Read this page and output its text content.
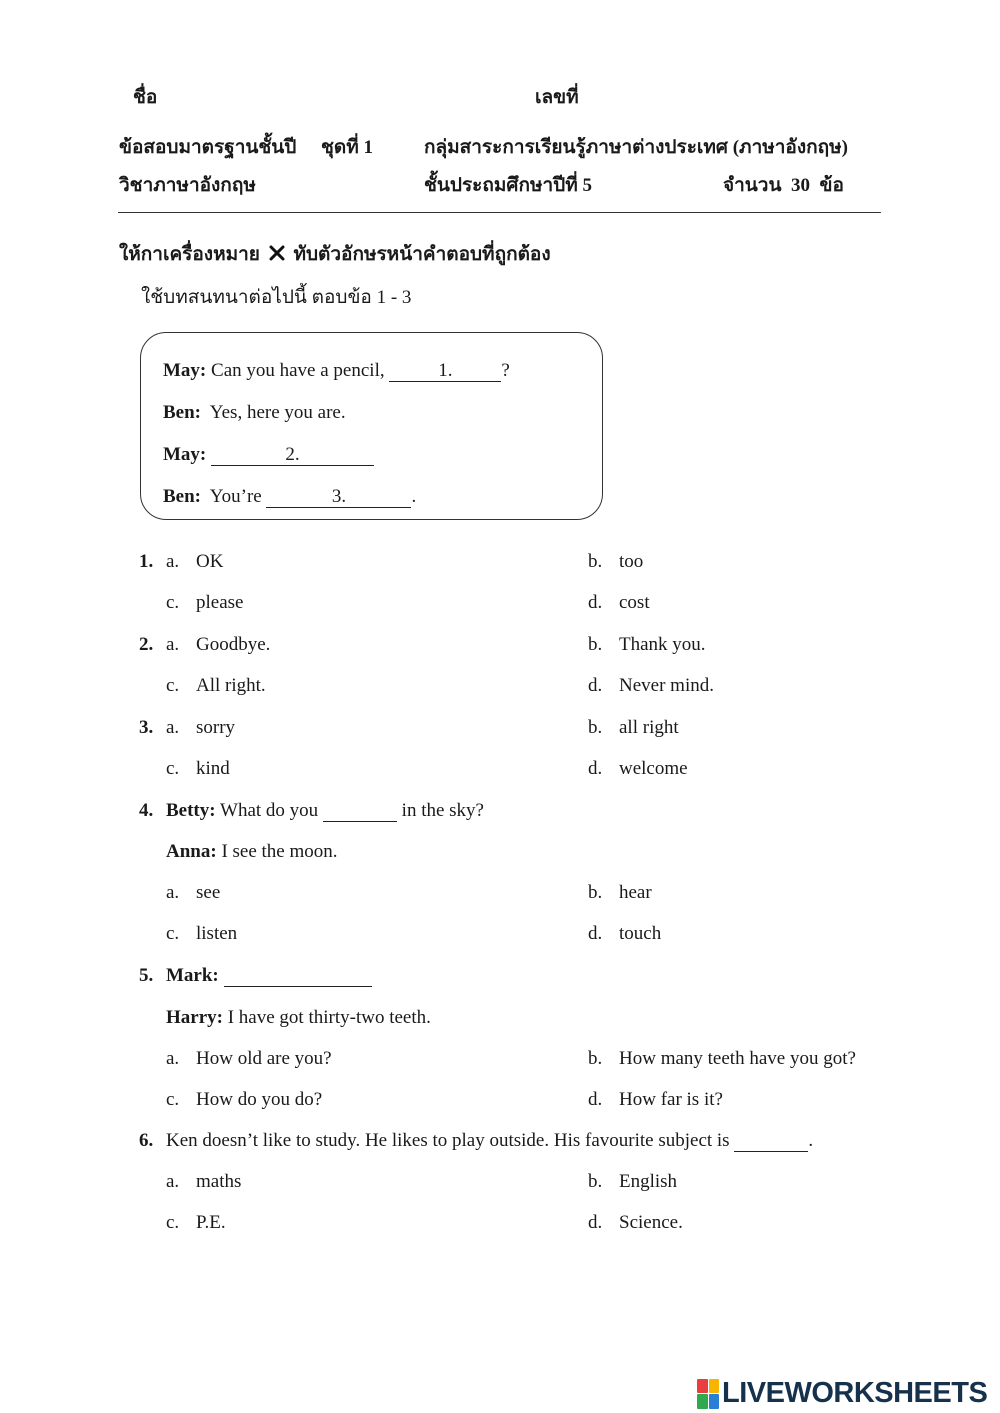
ชื่อ	เลขที่
ข้อสอบมาตรฐานชั้นปี ชุดที่ 1	กลุ่มสาระการเรียนรู้ภาษาต่างประเทศ (ภาษาอังกฤษ)
วิชาภาษาอังกฤษ	ชั้นประถมศึกษาปีที่ 5	จำนวน 30 ข้อ
ให้กาเครื่องหมาย ทับตัวอักษรหน้าคำตอบที่ถูกต้อง
ใช้บทสนทนาต่อไปนี้ ตอบข้อ 1 - 3
May: Can you have a pencil,	1.	?
Ben: Yes, here you are.
May:	2.
Ben: You’re	3.	.
1. a. OK	b. too
c. please	d. cost
2. a. Goodbye.	b. Thank you.
c. All right.	d. Never mind.
3. a. sorry	b. all right
c. kind	d. welcome
4. Betty: What do you	in the sky?
Anna: I see the moon.
a. see	b. hear
c. listen	d. touch
5. Mark:
Harry: I have got thirty-two teeth.
a. How old are you?	b. How many teeth have you got?
c. How do you do?	d. How far is it?
6. Ken doesn’t like to study. He likes to play outside. His favourite subject is	.
a. maths	b. English
c. P.E.	d. Science.
LIVEWORKSHEETS
